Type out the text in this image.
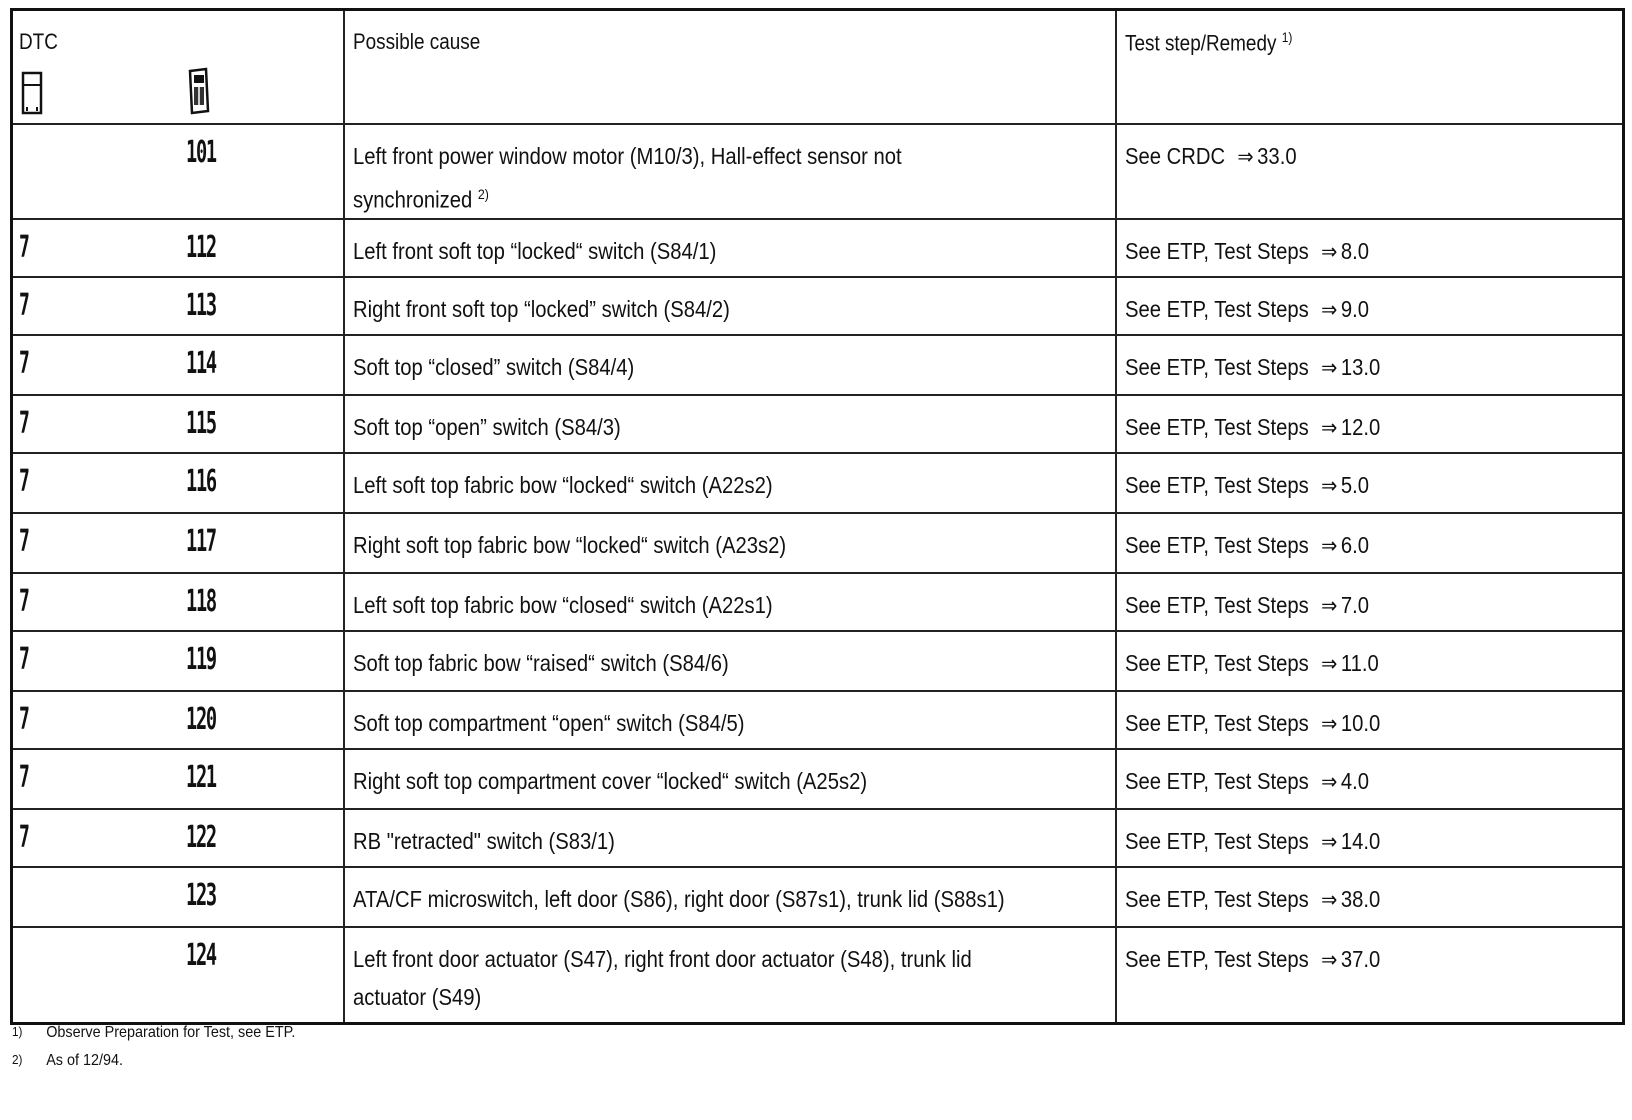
DTC		Possible cause	Test step/Remedy $^{1)}$

	101	Left front power window motor (M10/3), Hall-effect sensor not
synchronized $^{2)}$	See CRDC ⇒ 33.0

7	112	Left front soft top “locked“ switch (S84/1)	See ETP, Test Steps ⇒ 8.0

7	113	Right front soft top “locked” switch (S84/2)	See ETP, Test Steps ⇒ 9.0

7	114	Soft top “closed” switch (S84/4)	See ETP, Test Steps ⇒ 13.0

7	115	Soft top “open” switch (S84/3)	See ETP, Test Steps ⇒ 12.0

7	116	Left soft top fabric bow “locked“ switch (A22s2)	See ETP, Test Steps ⇒ 5.0

7	117	Right soft top fabric bow “locked“ switch (A23s2)	See ETP, Test Steps ⇒ 6.0

7	118	Left soft top fabric bow “closed“ switch (A22s1)	See ETP, Test Steps ⇒ 7.0

7	119	Soft top fabric bow “raised“ switch (S84/6)	See ETP, Test Steps ⇒ 11.0

7	120	Soft top compartment “open“ switch (S84/5)	See ETP, Test Steps ⇒ 10.0

7	121	Right soft top compartment cover “locked“ switch (A25s2)	See ETP, Test Steps ⇒ 4.0

7	122	RB "retracted" switch (S83/1)	See ETP, Test Steps ⇒ 14.0

	123	ATA/CF microswitch, left door (S86), right door (S87s1), trunk lid (S88s1)	See ETP, Test Steps ⇒ 38.0

	124	Left front door actuator (S47), right front door actuator (S48), trunk lid
actuator (S49)	See ETP, Test Steps ⇒ 37.0
1) Observe Preparation for Test, see ETP.
2) As of 12/94.
